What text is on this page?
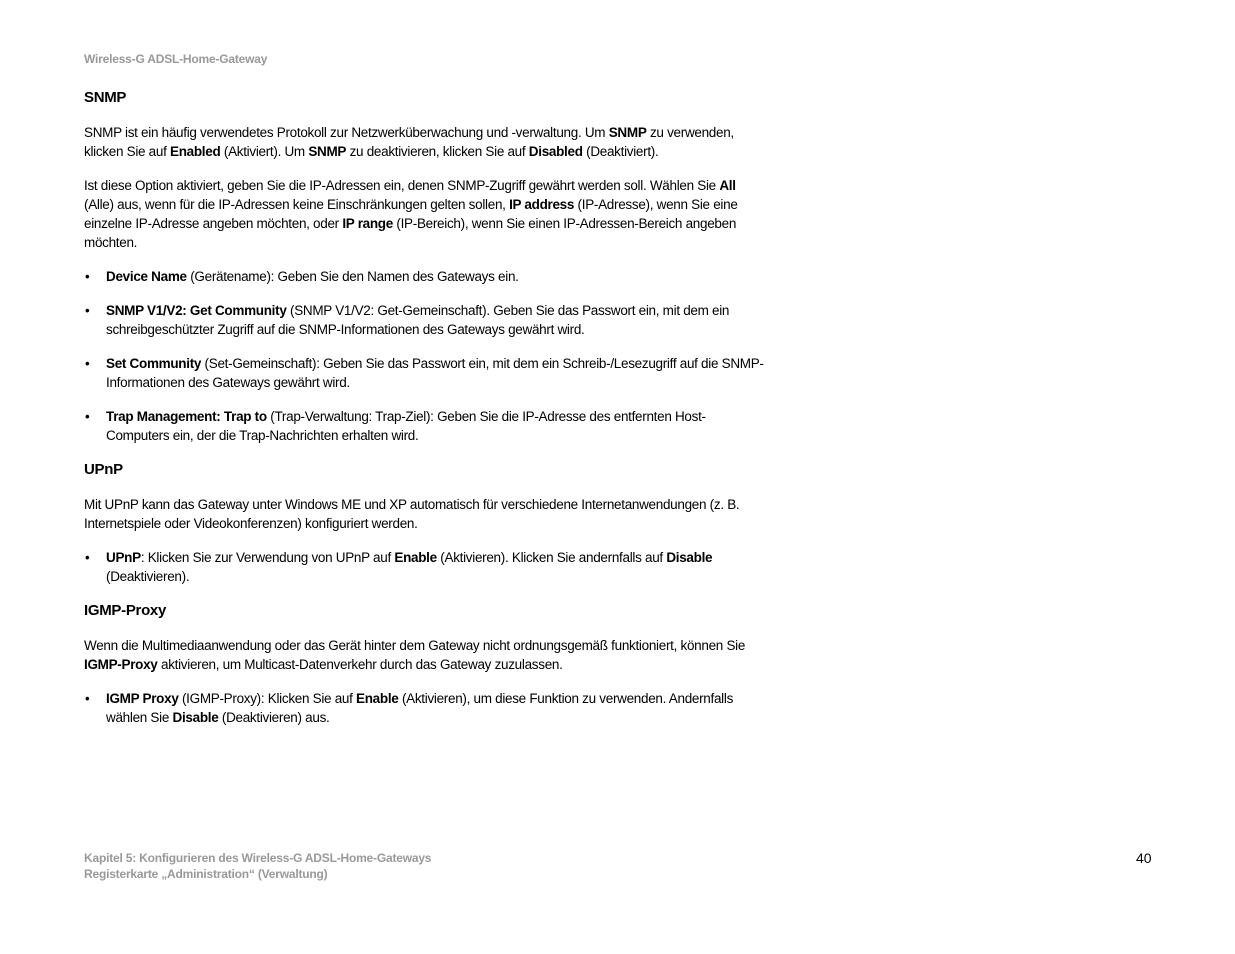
Wireless-G ADSL-Home-Gateway
SNMP

SNMP ist ein häufig verwendetes Protokoll zur Netzwerküberwachung und -verwaltung. Um SNMP zu verwenden, klicken Sie auf Enabled (Aktiviert). Um SNMP zu deaktivieren, klicken Sie auf Disabled (Deaktiviert).

Ist diese Option aktiviert, geben Sie die IP-Adressen ein, denen SNMP-Zugriff gewährt werden soll. Wählen Sie All (Alle) aus, wenn für die IP-Adressen keine Einschränkungen gelten sollen, IP address (IP-Adresse), wenn Sie eine einzelne IP-Adresse angeben möchten, oder IP range (IP-Bereich), wenn Sie einen IP-Adressen-Bereich angeben möchten.

• Device Name (Gerätename): Geben Sie den Namen des Gateways ein.
• SNMP V1/V2: Get Community (SNMP V1/V2: Get-Gemeinschaft). Geben Sie das Passwort ein, mit dem ein schreibgeschützter Zugriff auf die SNMP-Informationen des Gateways gewährt wird.
• Set Community (Set-Gemeinschaft): Geben Sie das Passwort ein, mit dem ein Schreib-/Lesezugriff auf die SNMP-Informationen des Gateways gewährt wird.
• Trap Management: Trap to (Trap-Verwaltung: Trap-Ziel): Geben Sie die IP-Adresse des entfernten Host-Computers ein, der die Trap-Nachrichten erhalten wird.
UPnP

Mit UPnP kann das Gateway unter Windows ME und XP automatisch für verschiedene Internetanwendungen (z. B. Internetspiele oder Videokonferenzen) konfiguriert werden.

• UPnP: Klicken Sie zur Verwendung von UPnP auf Enable (Aktivieren). Klicken Sie andernfalls auf Disable (Deaktivieren).
IGMP-Proxy

Wenn die Multimediaanwendung oder das Gerät hinter dem Gateway nicht ordnungsgemäß funktioniert, können Sie IGMP-Proxy aktivieren, um Multicast-Datenverkehr durch das Gateway zuzulassen.

• IGMP Proxy (IGMP-Proxy): Klicken Sie auf Enable (Aktivieren), um diese Funktion zu verwenden. Andernfalls wählen Sie Disable (Deaktivieren) aus.
Kapitel 5: Konfigurieren des Wireless-G ADSL-Home-Gateways
Registerkarte „Administration“ (Verwaltung)
40
